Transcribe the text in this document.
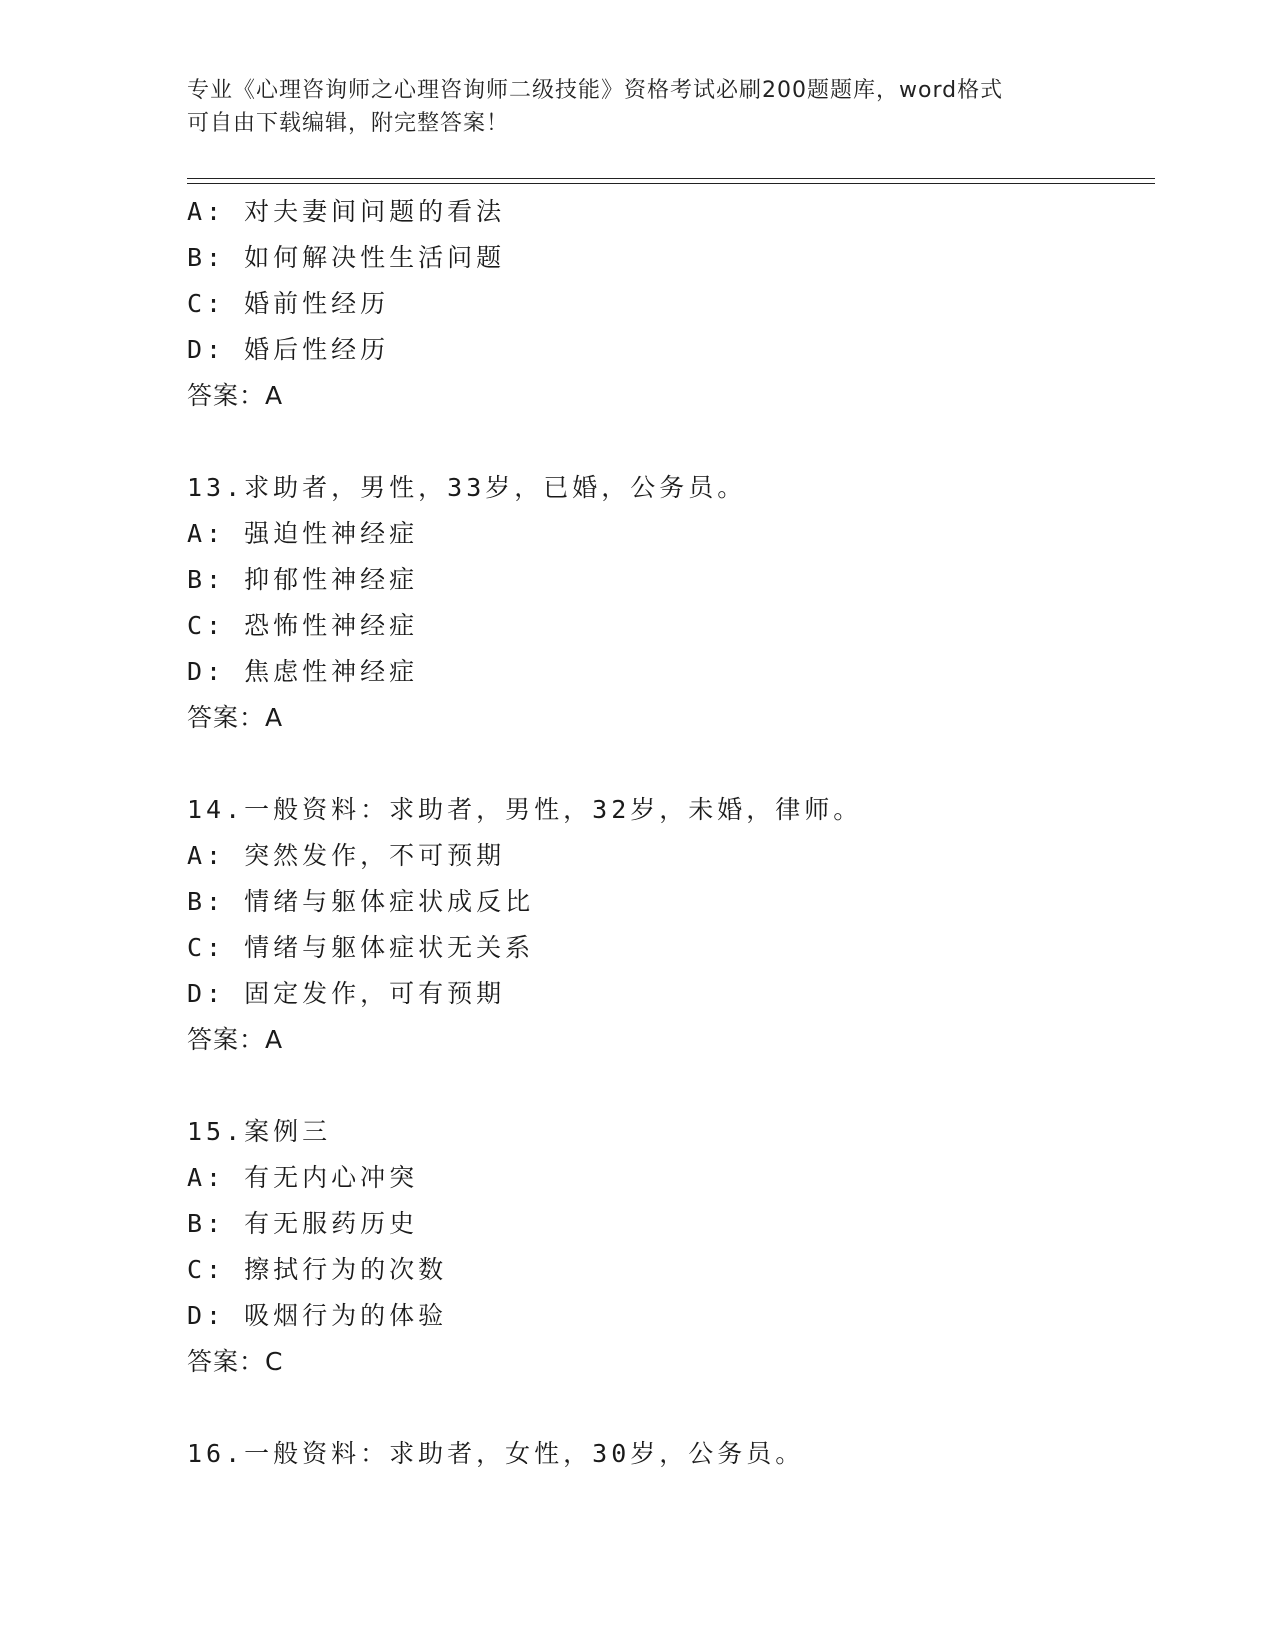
专业《心理咨询师之心理咨询师二级技能》资格考试必刷200题题库，word格式
可自由下载编辑，附完整答案！
A: 对夫妻间问题的看法
B: 如何解决性生活问题
C: 婚前性经历
D: 婚后性经历
答案：A
13.求助者，男性，33岁，已婚，公务员。
A: 强迫性神经症
B: 抑郁性神经症
C: 恐怖性神经症
D: 焦虑性神经症
答案：A
14.一般资料：求助者，男性，32岁，未婚，律师。
A: 突然发作，不可预期
B: 情绪与躯体症状成反比
C: 情绪与躯体症状无关系
D: 固定发作，可有预期
答案：A
15.案例三
A: 有无内心冲突
B: 有无服药历史
C: 擦拭行为的次数
D: 吸烟行为的体验
答案：C
16.一般资料：求助者，女性，30岁，公务员。
